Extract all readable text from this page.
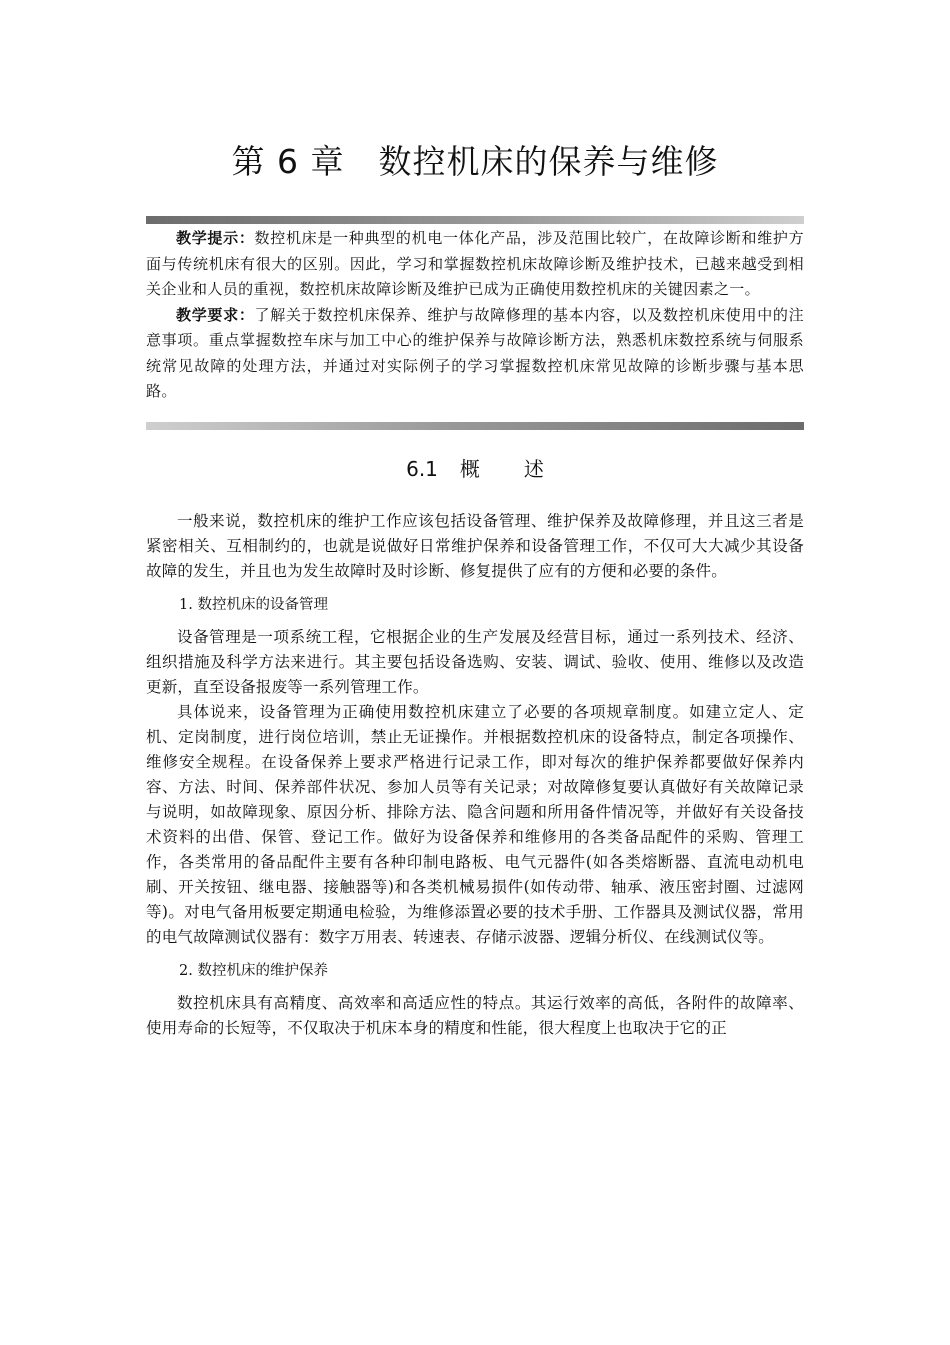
第 6 章 数控机床的保养与维修

教学提示：数控机床是一种典型的机电一体化产品，涉及范围比较广，在故障诊断和维护方面与传统机床有很大的区别。因此，学习和掌握数控机床故障诊断及维护技术，已越来越受到相关企业和人员的重视，数控机床故障诊断及维护已成为正确使用数控机床的关键因素之一。

教学要求：了解关于数控机床保养、维护与故障修理的基本内容，以及数控机床使用中的注意事项。重点掌握数控车床与加工中心的维护保养与故障诊断方法，熟悉机床数控系统与伺服系统常见故障的处理方法，并通过对实际例子的学习掌握数控机床常见故障的诊断步骤与基本思路。

6.1 概 述

一般来说，数控机床的维护工作应该包括设备管理、维护保养及故障修理，并且这三者是紧密相关、互相制约的，也就是说做好日常维护保养和设备管理工作，不仅可大大减少其设备故障的发生，并且也为发生故障时及时诊断、修复提供了应有的方便和必要的条件。

1. 数控机床的设备管理

设备管理是一项系统工程，它根据企业的生产发展及经营目标，通过一系列技术、经济、组织措施及科学方法来进行。其主要包括设备选购、安装、调试、验收、使用、维修以及改造更新，直至设备报废等一系列管理工作。

具体说来，设备管理为正确使用数控机床建立了必要的各项规章制度。如建立定人、定机、定岗制度，进行岗位培训，禁止无证操作。并根据数控机床的设备特点，制定各项操作、维修安全规程。在设备保养上要求严格进行记录工作，即对每次的维护保养都要做好保养内容、方法、时间、保养部件状况、参加人员等有关记录；对故障修复要认真做好有关故障记录与说明，如故障现象、原因分析、排除方法、隐含问题和所用备件情况等，并做好有关设备技术资料的出借、保管、登记工作。做好为设备保养和维修用的各类备品配件的采购、管理工作，各类常用的备品配件主要有各种印制电路板、电气元器件(如各类熔断器、直流电动机电刷、开关按钮、继电器、接触器等)和各类机械易损件(如传动带、轴承、液压密封圈、过滤网等)。对电气备用板要定期通电检验，为维修添置必要的技术手册、工作器具及测试仪器，常用的电气故障测试仪器有：数字万用表、转速表、存储示波器、逻辑分析仪、在线测试仪等。

2. 数控机床的维护保养

数控机床具有高精度、高效率和高适应性的特点。其运行效率的高低，各附件的故障率、使用寿命的长短等，不仅取决于机床本身的精度和性能，很大程度上也取决于它的正
